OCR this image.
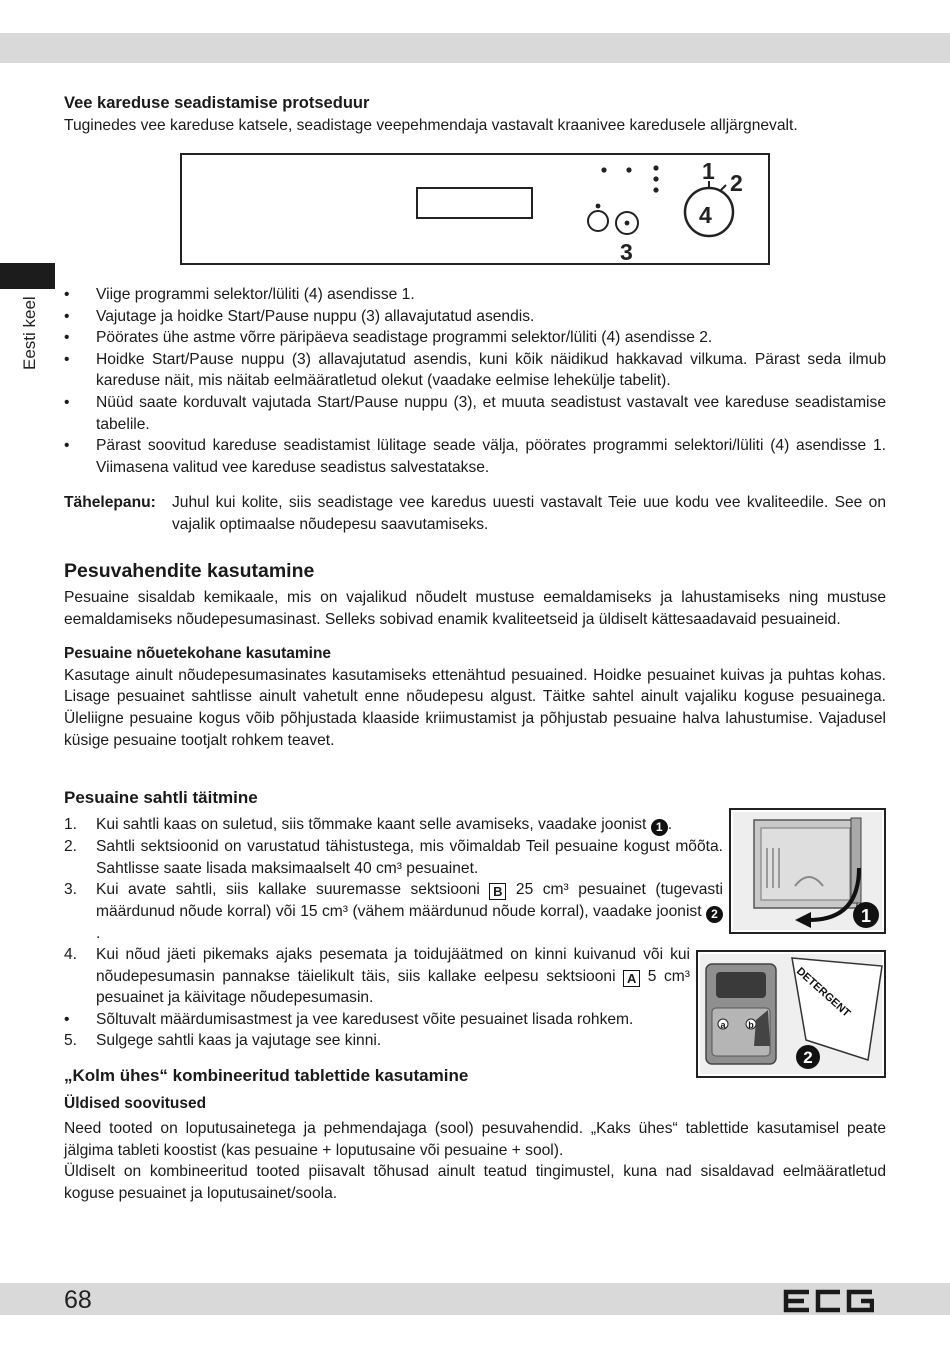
Eesti keel
Vee kareduse seadistamise protseduur

Tuginedes vee kareduse katsele, seadistage veepehmendaja vastavalt kraanivee karedusele alljärgnevalt.

1 2
4
3
• Viige programmi selektor/lüliti (4) asendisse 1.
• Vajutage ja hoidke Start/Pause nuppu (3) allavajutatud asendis.
• Pöörates ühe astme võrre päripäeva seadistage programmi selektor/lüliti (4) asendisse 2.
• Hoidke Start/Pause nuppu (3) allavajutatud asendis, kuni kõik näidikud hakkavad vilkuma. Pärast seda ilmub kareduse näit, mis näitab eelmääratletud olekut (vaadake eelmise lehekülje tabelit).
• Nüüd saate korduvalt vajutada Start/Pause nuppu (3), et muuta seadistust vastavalt vee kareduse seadistamise tabelile.
• Pärast soovitud kareduse seadistamist lülitage seade välja, pöörates programmi selektori/lüliti (4) asendisse 1. Viimasena valitud vee kareduse seadistus salvestatakse.
Tähelepanu:	Juhul kui kolite, siis seadistage vee karedus uuesti vastavalt Teie uue kodu vee kvaliteedile. See on vajalik optimaalse nõudepesu saavutamiseks.
Pesuvahendite kasutamine

Pesuaine sisaldab kemikaale, mis on vajalikud nõudelt mustuse eemaldamiseks ja lahustamiseks ning mustuse eemaldamiseks nõudepesumasinast. Selleks sobivad enamik kvaliteetseid ja üldiselt kättesaadavaid pesuaineid.

Pesuaine nõuetekohane kasutamine

Kasutage ainult nõudepesumasinates kasutamiseks ettenähtud pesuained. Hoidke pesuainet kuivas ja puhtas kohas. Lisage pesuainet sahtlisse ainult vahetult enne nõudepesu algust. Täitke sahtel ainult vajaliku koguse pesuainega. Üleliigne pesuaine kogus võib põhjustada klaaside kriimustamist ja põhjustab pesuaine halva lahustumise. Vajadusel küsige pesuaine tootjalt rohkem teavet.

Pesuaine sahtli täitmine
1. Kui sahtli kaas on suletud, siis tõmmake kaant selle avamiseks, vaadake joonist 1 .
2. Sahtli sektsioonid on varustatud tähistustega, mis võimaldab Teil pesuaine kogust mõõta. Sahtlisse saate lisada maksimaalselt 40 cm³ pesuainet.
3. Kui avate sahtli, siis kallake suuremasse sektsiooni B 25 cm³ pesuainet (tugevasti määrdunud nõude korral) või 15 cm³ (vähem määrdunud nõude korral), vaadake joonist 2.
4. Kui nõud jäeti pikemaks ajaks pesemata ja toidujäätmed on kinni kuivanud või kui nõudepesumasin pannakse täielikult täis, siis kallake eelpesu sektsiooni A 5 cm³ pesuainet ja käivitage nõudepesumasin.
• Sõltuvalt määrdumisastmest ja vee karedusest võite pesuainet lisada rohkem.
5. Sulgege sahtli kaas ja vajutage see kinni.
1
a	b
DETERGENT
2
„Kolm ühes“ kombineeritud tablettide kasutamine
Üldised soovitused

Need tooted on loputusainetega ja pehmendajaga (sool) pesuvahendid. „Kaks ühes“ tablettide kasutamisel peate jälgima tableti koostist (kas pesuaine + loputusaine või pesuaine + sool).

Üldiselt on kombineeritud tooted piisavalt tõhusad ainult teatud tingimustel, kuna nad sisaldavad eelmääratletud koguse pesuainet ja loputusainet/soola.

68
